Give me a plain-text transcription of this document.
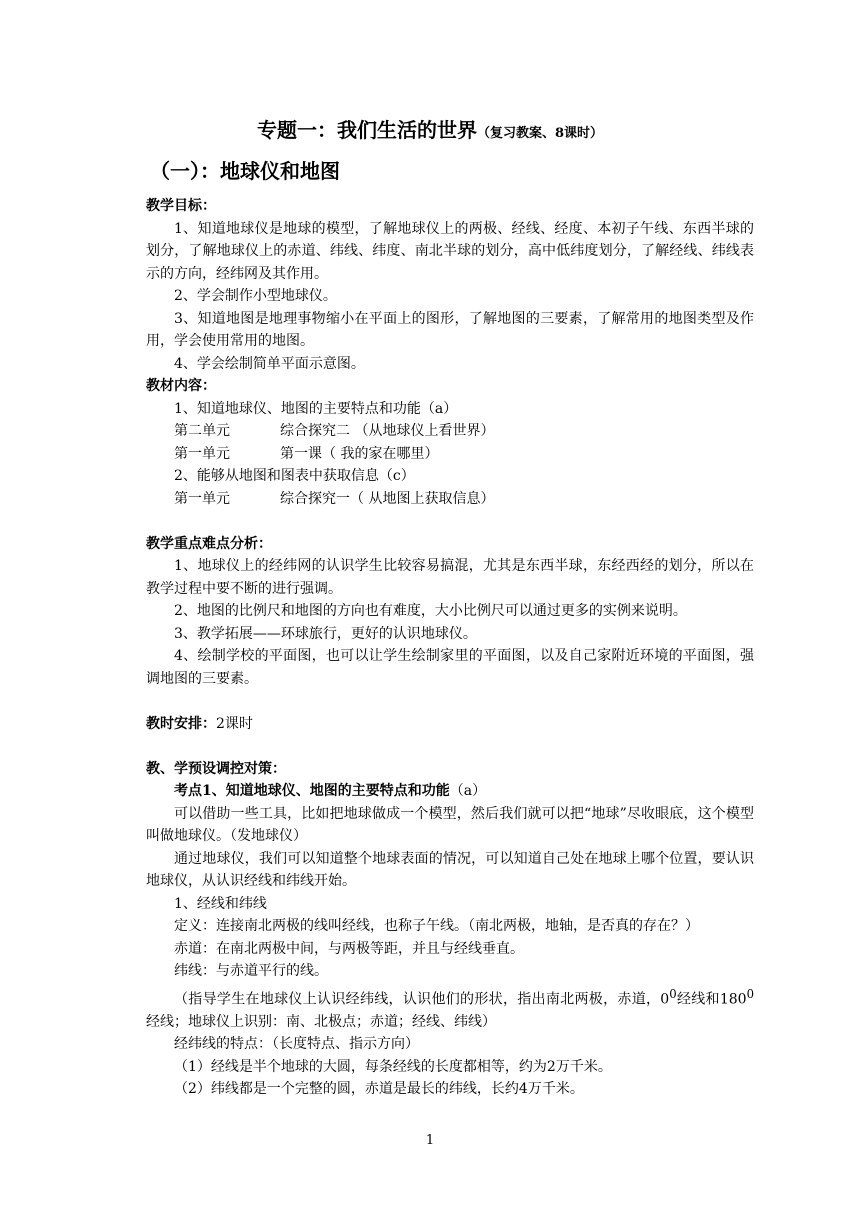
专题一：我们生活的世界（复习教案、8课时）
（一）：地球仪和地图

教学目标：

1、知道地球仪是地球的模型，了解地球仪上的两极、经线、经度、本初子午线、东西半球的划分，了解地球仪上的赤道、纬线、纬度、南北半球的划分，高中低纬度划分，了解经线、纬线表示的方向，经纬网及其作用。

2、学会制作小型地球仪。

3、知道地图是地理事物缩小在平面上的图形，了解地图的三要素，了解常用的地图类型及作用，学会使用常用的地图。

4、学会绘制简单平面示意图。

教材内容：

1、知道地球仪、地图的主要特点和功能（a）

第二单元	综合探究二 （从地球仪上看世界）
第一单元	第一课（ 我的家在哪里）

2、能够从地图和图表中获取信息（c）

第一单元	综合探究一（ 从地图上获取信息）

教学重点难点分析：

1、地球仪上的经纬网的认识学生比较容易搞混，尤其是东西半球，东经西经的划分，所以在教学过程中要不断的进行强调。

2、地图的比例尺和地图的方向也有难度，大小比例尺可以通过更多的实例来说明。

3、教学拓展——环球旅行，更好的认识地球仪。

4、绘制学校的平面图，也可以让学生绘制家里的平面图，以及自己家附近环境的平面图，强调地图的三要素。

教时安排：2课时

教、学预设调控对策：

考点1、知道地球仪、地图的主要特点和功能（a）

可以借助一些工具，比如把地球做成一个模型，然后我们就可以把“地球”尽收眼底，这个模型叫做地球仪。（发地球仪）

通过地球仪，我们可以知道整个地球表面的情况，可以知道自己处在地球上哪个位置，要认识地球仪，从认识经线和纬线开始。

1、经线和纬线

定义：连接南北两极的线叫经线，也称子午线。（南北两极，地轴，是否真的存在？）

赤道：在南北两极中间，与两极等距，并且与经线垂直。

纬线：与赤道平行的线。

（指导学生在地球仪上认识经纬线，认识他们的形状，指出南北两极，赤道，$0^0$经线和$180^0$经线；地球仪上识别：南、北极点；赤道；经线、纬线）

经纬线的特点：（长度特点、指示方向）

（1）经线是半个地球的大圆，每条经线的长度都相等，约为2万千米。

（2）纬线都是一个完整的圆，赤道是最长的纬线，长约4万千米。

1
